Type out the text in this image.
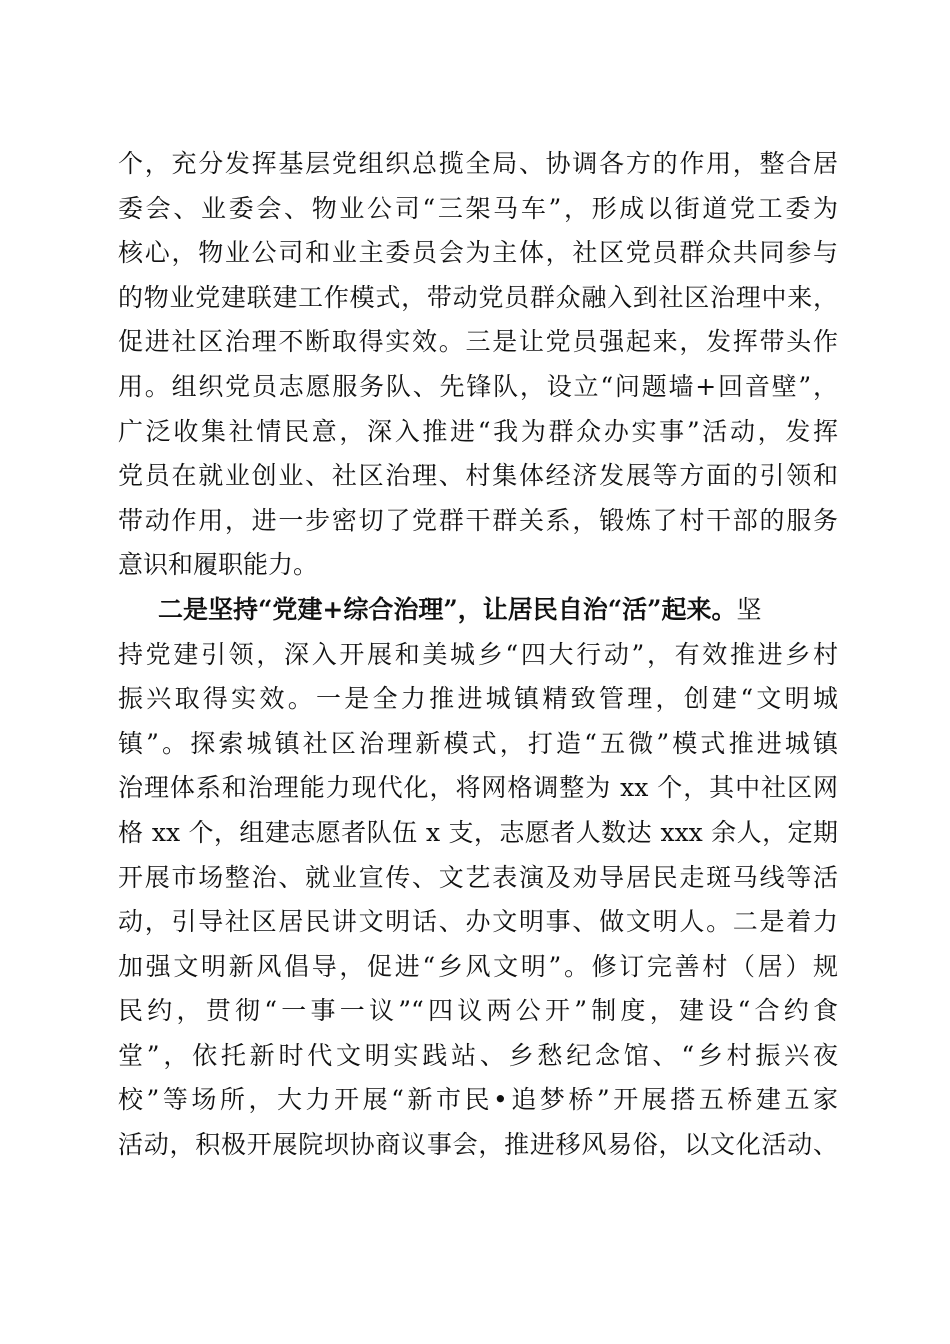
个，充分发挥基层党组织总揽全局、协调各方的作用，整合居
委会、业委会、物业公司“三架马车”，形成以街道党工委为
核心，物业公司和业主委员会为主体，社区党员群众共同参与
的物业党建联建工作模式，带动党员群众融入到社区治理中来，
促进社区治理不断取得实效。三是让党员强起来，发挥带头作
用。组织党员志愿服务队、先锋队，设立“问题墙+回音壁”，
广泛收集社情民意，深入推进“我为群众办实事”活动，发挥
党员在就业创业、社区治理、村集体经济发展等方面的引领和
带动作用，进一步密切了党群干群关系，锻炼了村干部的服务
意识和履职能力。
二是坚持“党建+综合治理”，让居民自治“活”起来。坚
持党建引领，深入开展和美城乡“四大行动”，有效推进乡村
振兴取得实效。一是全力推进城镇精致管理，创建“文明城
镇”。探索城镇社区治理新模式，打造“五微”模式推进城镇
治理体系和治理能力现代化，将网格调整为 xx 个，其中社区网
格 xx 个，组建志愿者队伍 x 支，志愿者人数达 xxx 余人，定期
开展市场整治、就业宣传、文艺表演及劝导居民走斑马线等活
动，引导社区居民讲文明话、办文明事、做文明人。二是着力
加强文明新风倡导，促进“乡风文明”。修订完善村（居）规
民约，贯彻“一事一议”“四议两公开”制度，建设“合约食
堂”，依托新时代文明实践站、乡愁纪念馆、“乡村振兴夜
校”等场所，大力开展“新市民•追梦桥”开展搭五桥建五家
活动，积极开展院坝协商议事会，推进移风易俗，以文化活动、
